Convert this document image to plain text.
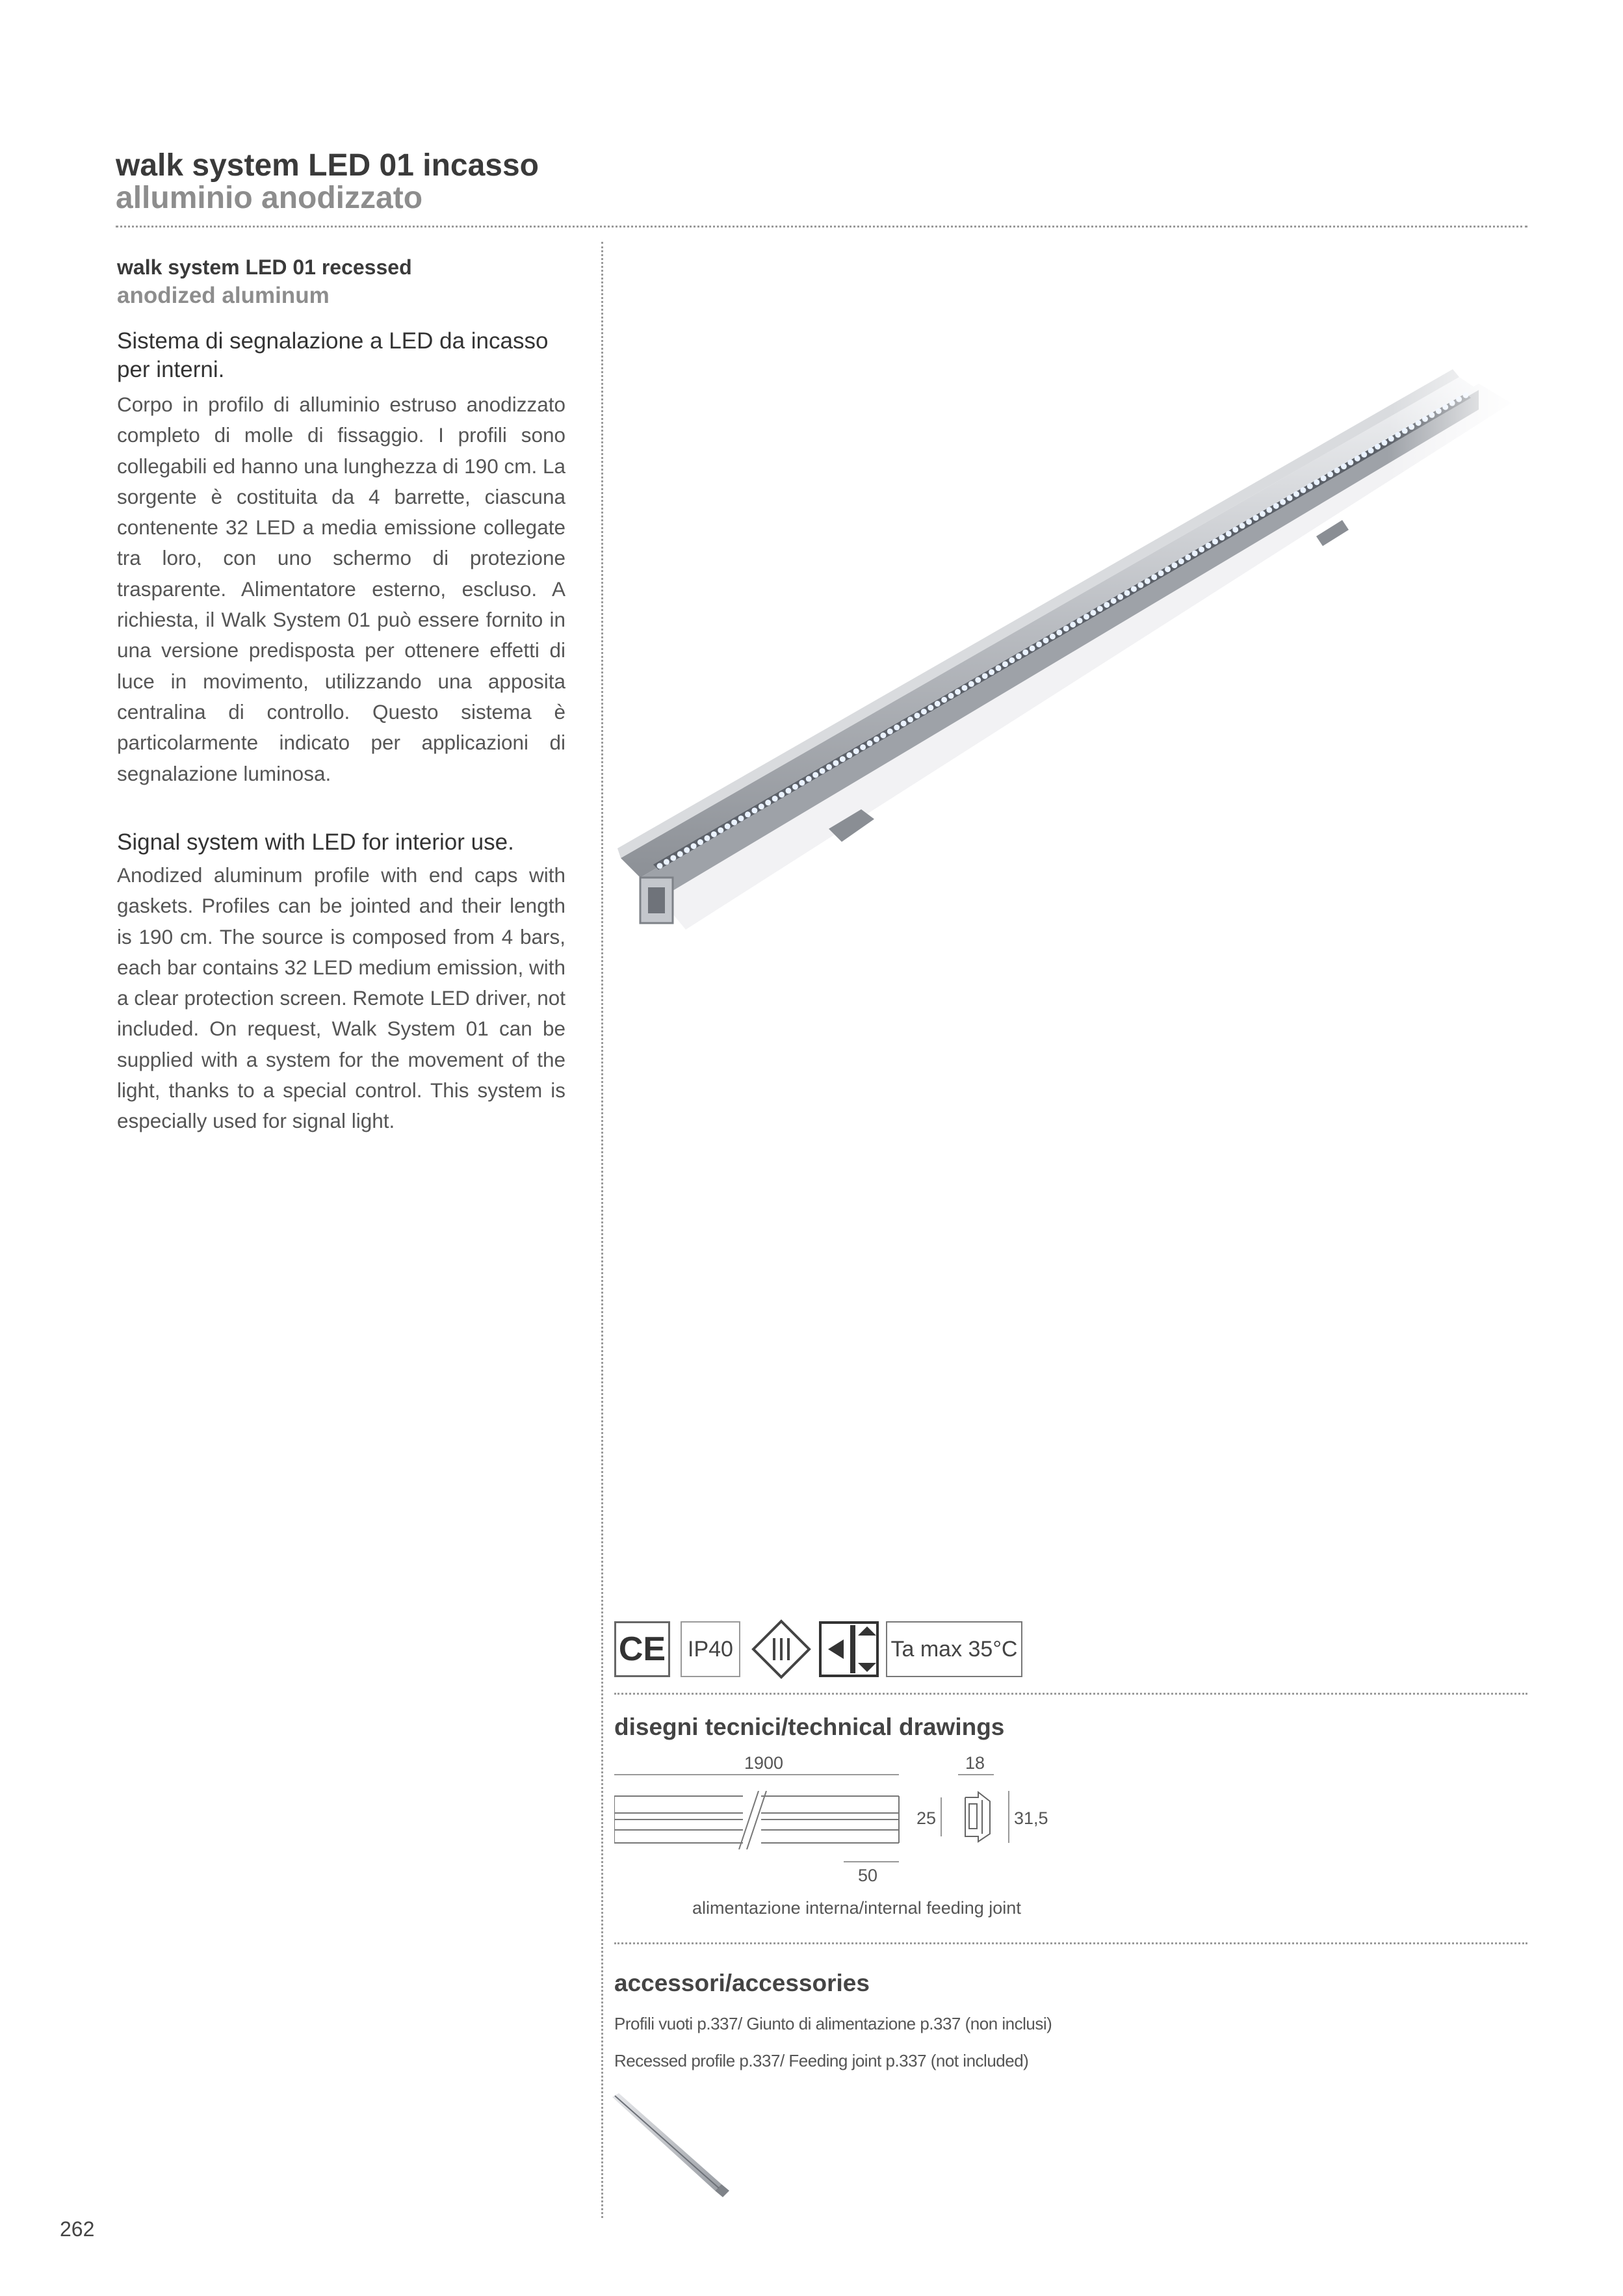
walk system LED 01 incasso
alluminio anodizzato
walk system LED 01 recessed
anodized aluminum
Sistema di segnalazione a LED da incasso per interni.
Corpo in profilo di alluminio estruso anodizzato completo di molle di fissaggio. I profili sono collegabili ed hanno una lunghezza di 190 cm. La sorgente è costituita da 4 barrette, ciascuna contenente 32 LED a media emissione collegate tra loro, con uno schermo di protezione trasparente. Alimentatore esterno, escluso. A richiesta, il Walk System 01 può essere fornito in una versione predisposta per ottenere effetti di luce in movimento, utilizzando una apposita centralina di controllo. Questo sistema è particolarmente indicato per applicazioni di segnalazione luminosa.
Signal system with LED for interior use.
Anodized aluminum profile with end caps with gaskets. Profiles can be jointed and their length is 190 cm. The source is composed from 4 bars, each bar contains 32 LED medium emission, with a clear protection screen. Remote LED driver, not included. On request, Walk System 01 can be supplied with a system for the movement of the light, thanks to a special control. This system is especially used for signal light.
CE IP40	Ta max 35°C
disegni tecnici/technical drawings
1900	18
25	31,5
50
alimentazione interna/internal feeding joint
accessori/accessories
Profili vuoti p.337/ Giunto di alimentazione p.337 (non inclusi)
Recessed profile p.337/ Feeding joint p.337 (not included)
262
